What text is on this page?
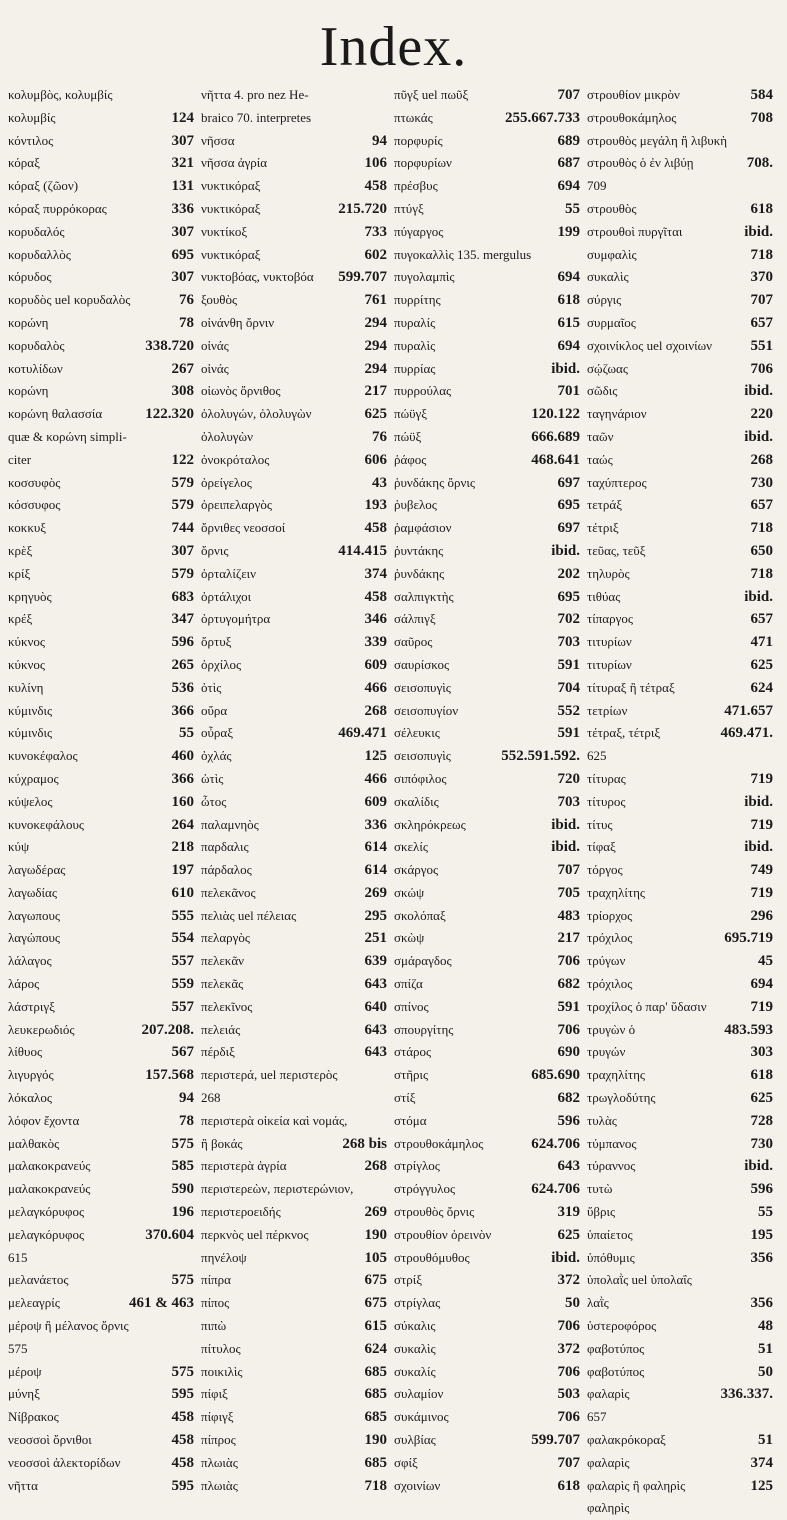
Index.
κολυμβὸς, κολυμβίς
κολυμβίς	124
κόντιλος	307
κόραξ	321
κόραξ (ζῶον)	131
κόραξ πυρρόκορας	336
κορυδαλός	307
κορυδαλλὸς	695
κόρυδος	307
κορυδὸς uel κορυδαλὸς	76
κορώνη	78
κορυδαλὸς	338.720
κοτυλίδων	267
κορώνη	308
κορώνη θαλασσία	122.320
quæ & κορώνη simpli-
citer	122
κοσσυφὸς	579
κόσσυφος	579
κοκκυξ	744
κρὲξ	307
κρίξ	579
κρηγυὸς	683
κρέξ	347
κύκνος	596
κύκνος	265
κυλίνη	536
κύμινδις	366
κύμινδις	55
κυνοκέφαλος	460
κύχραμος	366
κύψελος	160
κυνοκεφάλους	264
κύψ	218
λαγωδέρας	197
λαγωδίας	610
λαγωπους	555
λαγώπους	554
λάλαγος	557
λάρος	559
λάστριγξ	557
λευκερωδιός	207.208.
λίθυος	567
λιγυργός	157.568
λόκαλος	94
λόφον ἔχοντα	78
μαλθακὸς	575
μαλακοκρανεύς	585
μαλακοκρανεύς	590
μελαγκόρυφος	196
μελαγκόρυφος	370.604
615
μελανάετος	575
μελεαγρίς	461 & 463
μέροψ ἢ μέλανος ὄρνις
575
μέροψ	575
μύνηξ	595
Νίβρακος	458
νεοσσοὶ ὄρνιθοι	458
νεοσσοὶ ἀλεκτορίδων	458
νῆττα	595
νῆττα 4. pro nez He-
braico 70. interpretes
νῆσσα	94
νῆσσα ἀγρία	106
νυκτικόραξ	458
νυκτικόραξ	215.720
νυκτίκοξ	733
νυκτικόραξ	602
νυκτοβόας, νυκτοβόα 599.707
ξουθὸς	761
οἰνάνθη ὄρνιν	294
οἰνάς	294
οἰνάς	294
οἰωνὸς ὄρνιθος	217
ὀλολυγών, ὀλολυγὼν	625
ὀλολυγὼν	76
ὀνοκρόταλος	606
ὀρείγελος	43
ὀρειπελαργὸς	193
ὄρνιθες νεοσσοί	458
ὄρνις	414.415
ὀρταλίζειν	374
ὀρτάλιχοι	458
ὀρτυγομήτρα	346
ὄρτυξ	339
ὀρχίλος	609
ὀτὶς	466
οὔρα	268
οὖραξ	469.471
ὀχλάς	125
ὠτὶς	466
ὦτος	609
παλαμνηὸς	336
παρδαλις	614
πάρδαλος	614
πελεκᾶνος	269
πελιὰς uel πέλειας	295
πελαργὸς	251
πελεκᾶν	639
πελεκᾶς	643
πελεκῖνος	640
πελειάς	643
πέρδιξ	643
περιστερά, uel περιστερὸς
268
περιστερὰ οἰκεία καὶ νομάς,
ἢ βοκάς	268 bis
περιστερὰ ἀγρία	268
περιστερεὼν, περιστερώνιον,
περιστεροειδής	269
περκνὸς uel πέρκνος	190
πηνέλοψ	105
πίπρα	675
πίπος	675
πιπὼ	615
πίτυλος	624
ποικιλὶς	685
πίφιξ	685
πίφιγξ	685
πίπρος	190
πλωιὰς	685
πλωιὰς	718
πῦγξ uel πωῦξ	707
πτωκάς	255.667.733
πορφυρίς	689
πορφυρίων	687
πρέσβυς	694
πτύγξ	55
πύγαργος	199
πυγοκαλλὶς 135. mergulus
πυγολαμπὶς	694
πυρρίτης	618
πυραλίς	615
πυραλὶς	694
πυρρίας	ibid.
πυρρούλας	701
πώϋγξ	120.122
πώϋξ	666.689
ῥάφος	468.641
ῥυνδάκης ὄρνις	697
ῥυβελος	695
ῥαμφάσιον	697
ῥυντάκης	ibid.
ῥυνδάκης	202
σαλπιγκτὴς	695
σάλπιγξ	702
σαῦρος	703
σαυρίσκος	591
σεισοπυγὶς	704
σεισοπυγίον	552
σέλευκις	591
σεισοπυγὶς	552.591.592.
σιπόφιλος	720
σκαλίδις	703
σκληρόκρεως	ibid.
σκελίς	ibid.
σκάργος	707
σκώψ	705
σκολόπαξ	483
σκὼψ	217
σμάραγδος	706
σπίζα	682
σπίνος	591
σπουργίτης	706
στάρος	690
στῆρις	685.690
στίξ	682
στόμα	596
στρουθοκάμηλος	624.706
στρίγλος	643
στρόγγυλος	624.706
στρουθὸς ὄρνις	319
στρουθίον ὀρεινὸν	625
στρουθόμυθος	ibid.
στρίξ	372
στρίγλας	50
σύκαλις	706
συκαλὶς	372
συκαλίς	706
συλαμίον	503
συκάμινος	706
συλβίας	599.707
σφίξ	707
σχοινίων	618
στρουθίον μικρὸν	584
στρουθοκάμηλος	708
στρουθὸς μεγάλη ἢ λιβυκὴ
στρουθὸς ὁ ἐν λιβύῃ	708.
709
στρουθὸς	618
στρουθοὶ πυργῖται	ibid.
συμφαλὶς	718
συκαλὶς	370
σύργις	707
συρμαῖος	657
σχοινίκλος uel σχοινίων	551
σῴζωας	706
σῶδις	ibid.
ταγηνάριον	220
ταῶν	ibid.
ταώς	268
ταχύπτερος	730
τετράξ	657
τέτριξ	718
τεῦας, τεῦξ	650
τηλυρὸς	718
τιθύας	ibid.
τίπαργος	657
τιτυρίων	471
τιτυρίων	625
τίτυραξ ἢ τέτραξ	624
τετρίων	471.657
τέτραξ, τέτριξ	469.471.
625
τίτυρας	719
τίτυρος	ibid.
τίτυς	719
τίφαξ	ibid.
τόργος	749
τραχηλίτης	719
τρίορχος	296
τρόχιλος	695.719
τρύγων	45
τρόχιλος	694
τροχίλος ὁ παρ' ὕδασιν	719
τρυγὼν ὁ	483.593
τρυγών	303
τραχηλίτης	618
τρωγλοδύτης	625
τυλὰς	728
τύμπανος	730
τύραννος	ibid.
τυτὼ	596
ὕβρις	55
ὑπαίετος	195
ὑπόθυμις	356
ὑπολαῒς uel ὑπολαΐς
λαῒς	356
ὑστεροφόρος	48
φαβοτύπος	51
φαβοτύπος	50
φαλαρὶς	336.337.
657
φαλακρόκοραξ	51
φαλαρὶς	374
φαλαρὶς ἢ φαληρὶς	125
φαληρὶς
